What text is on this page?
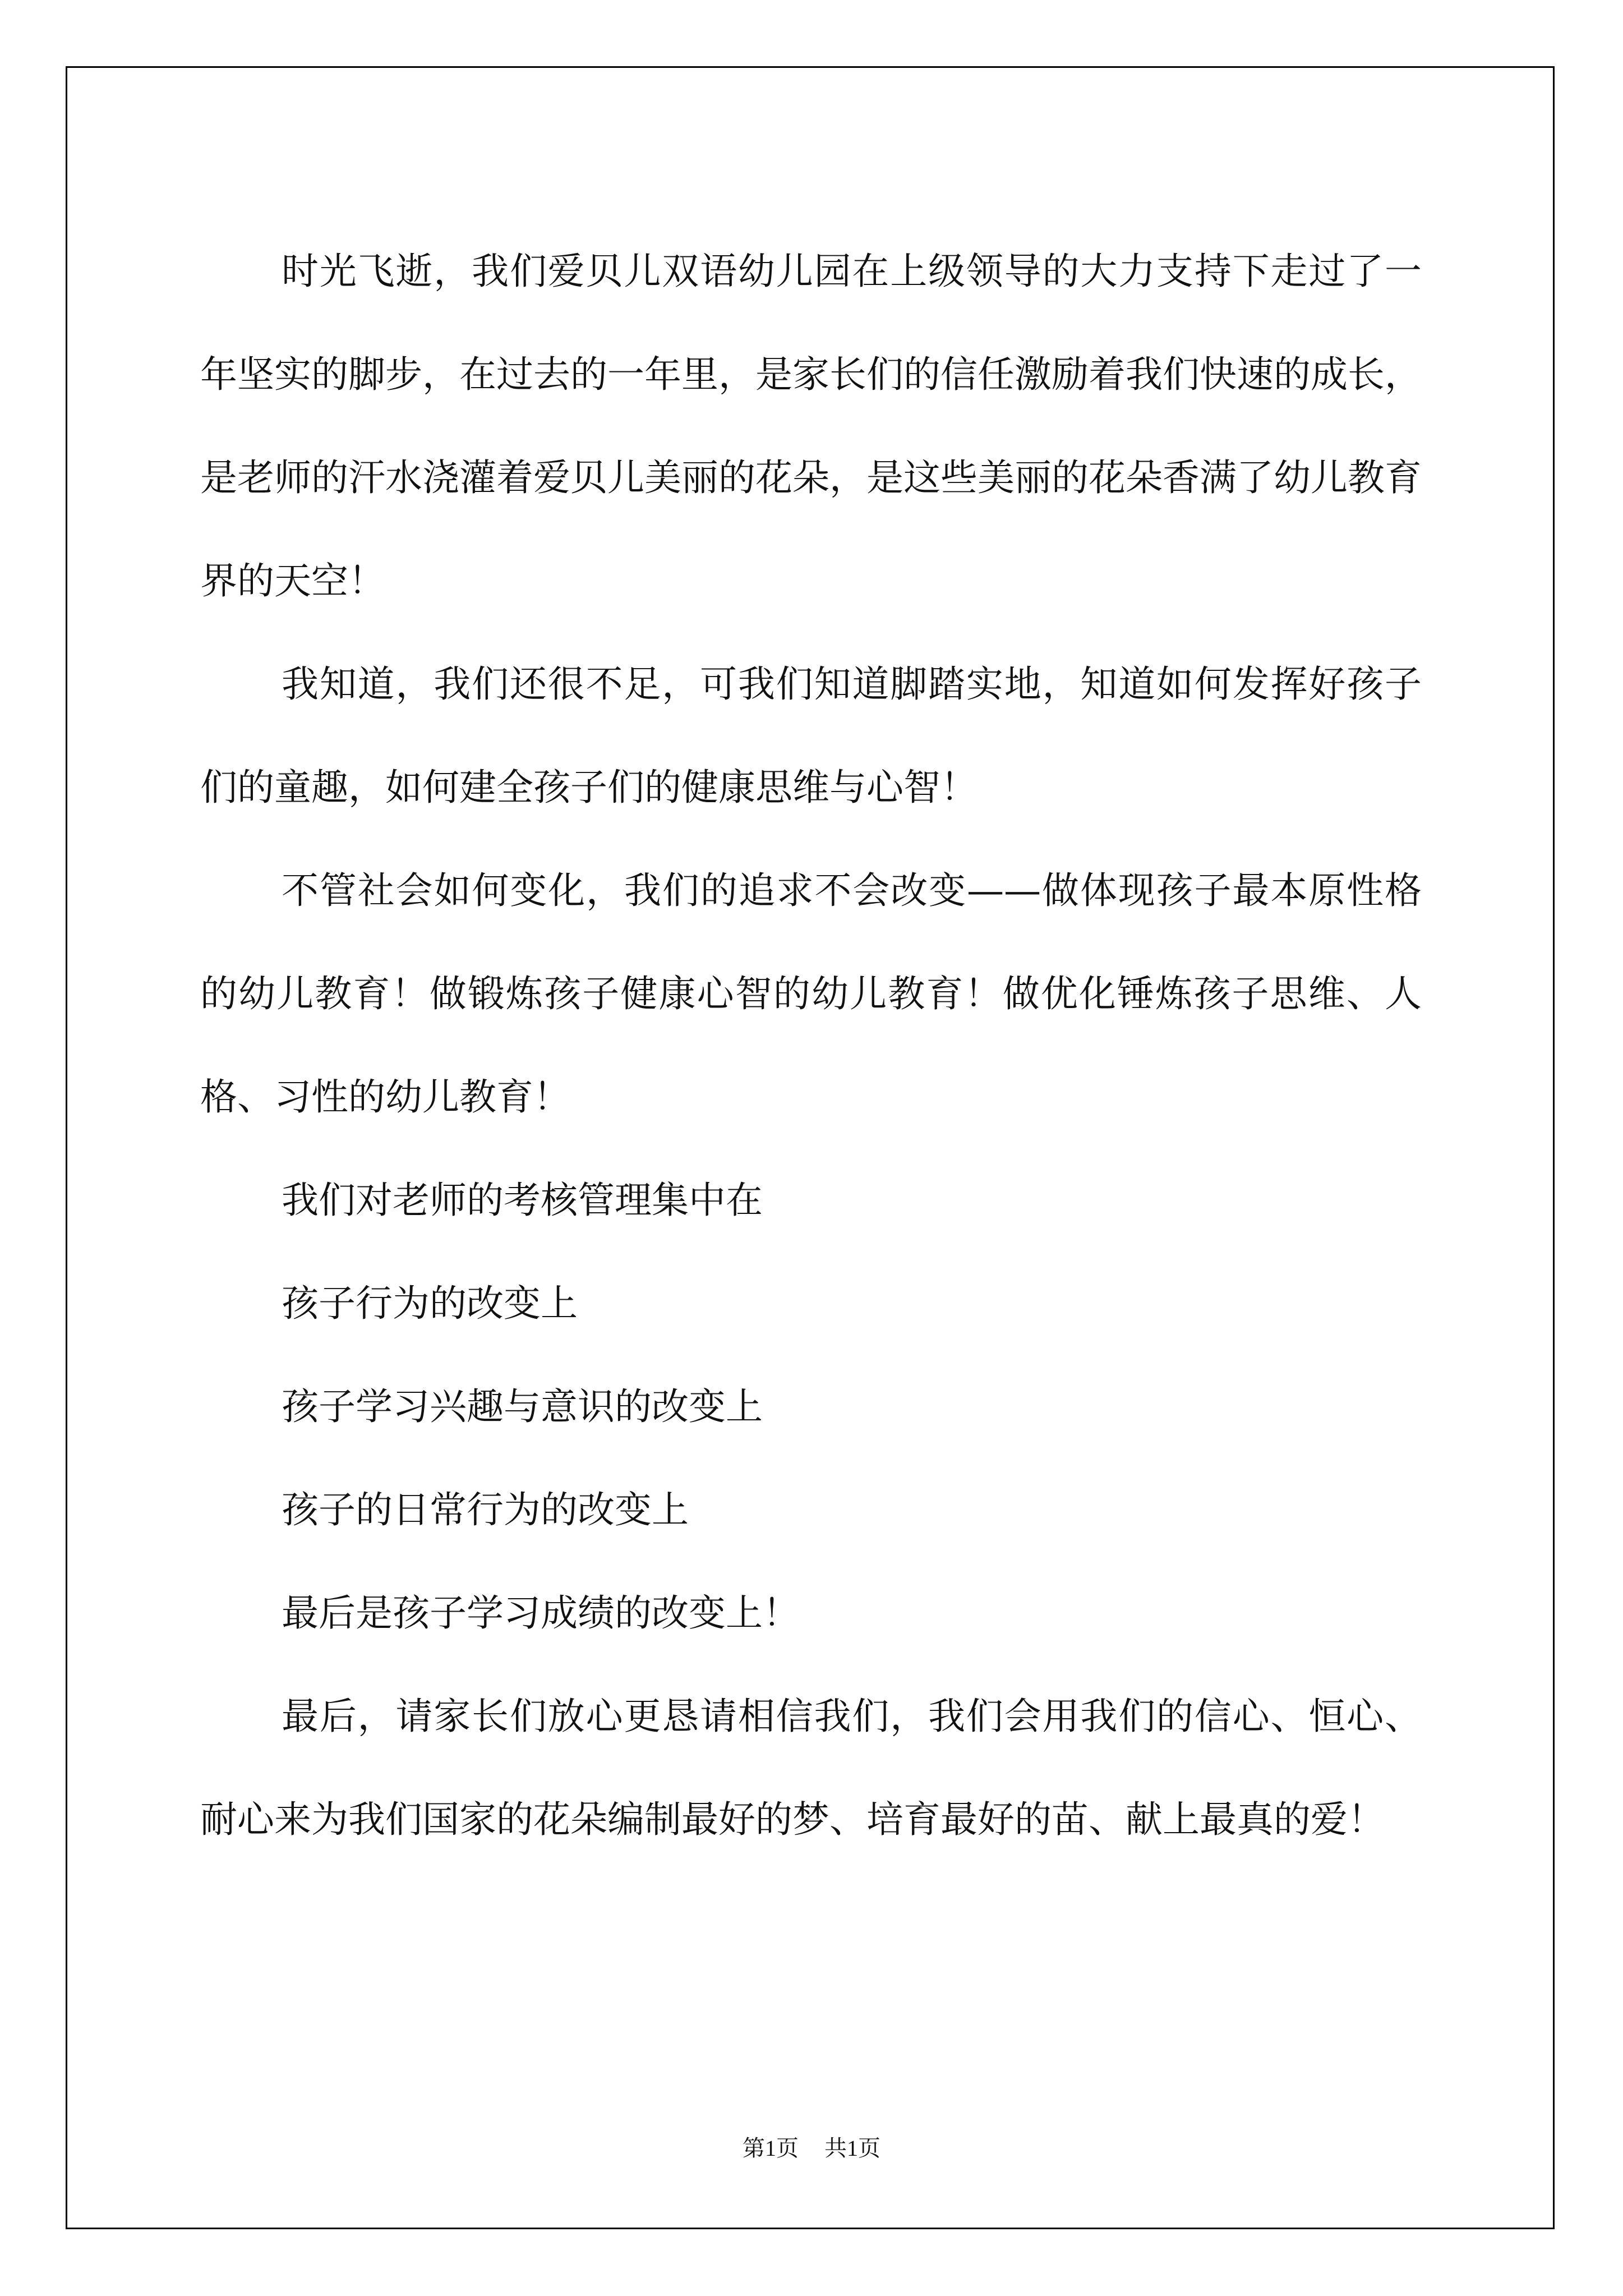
时光飞逝，我们爱贝儿双语幼儿园在上级领导的大力支持下走过了一年坚实的脚步，在过去的一年里，是家长们的信任激励着我们快速的成长，是老师的汗水浇灌着爱贝儿美丽的花朵，是这些美丽的花朵香满了幼儿教育界的天空！

我知道，我们还很不足，可我们知道脚踏实地，知道如何发挥好孩子们的童趣，如何建全孩子们的健康思维与心智！

不管社会如何变化，我们的追求不会改变——做体现孩子最本原性格的幼儿教育！做锻炼孩子健康心智的幼儿教育！做优化锤炼孩子思维、人格、习性的幼儿教育！

我们对老师的考核管理集中在

孩子行为的改变上

孩子学习兴趣与意识的改变上

孩子的日常行为的改变上

最后是孩子学习成绩的改变上！

最后，请家长们放心更恳请相信我们，我们会用我们的信心、恒心、耐心来为我们国家的花朵编制最好的梦、培育最好的苗、献上最真的爱！

第1页 共1页
